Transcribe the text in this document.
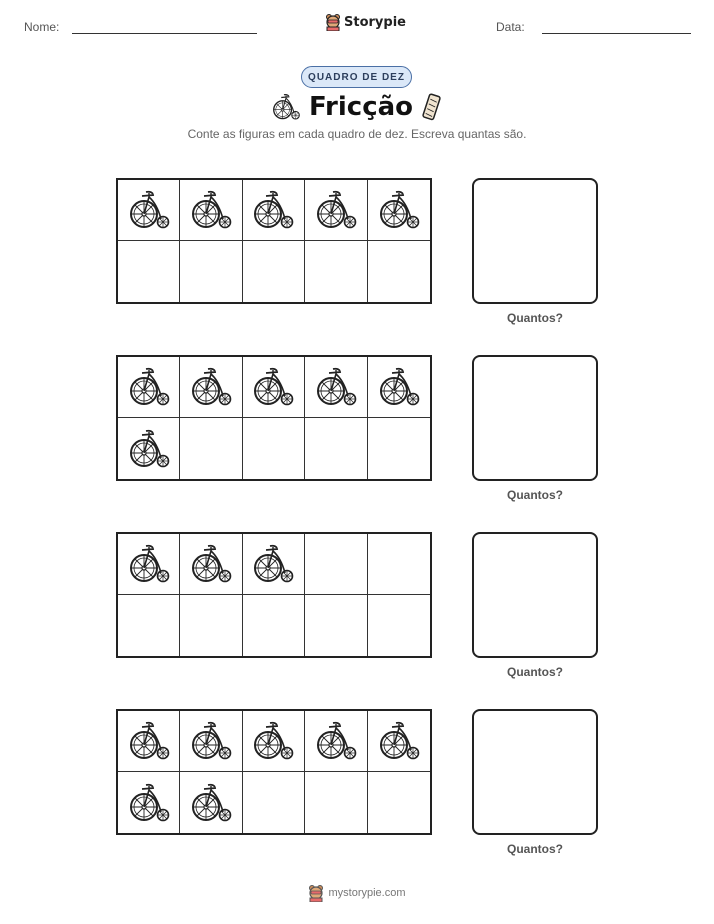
Nome:	Storypie	Data:
QUADRO DE DEZ
Fricção
Conte as figuras em cada quadro de dez. Escreva quantas são.
Quantos?
Quantos?
Quantos?
Quantos?
mystorypie.com
